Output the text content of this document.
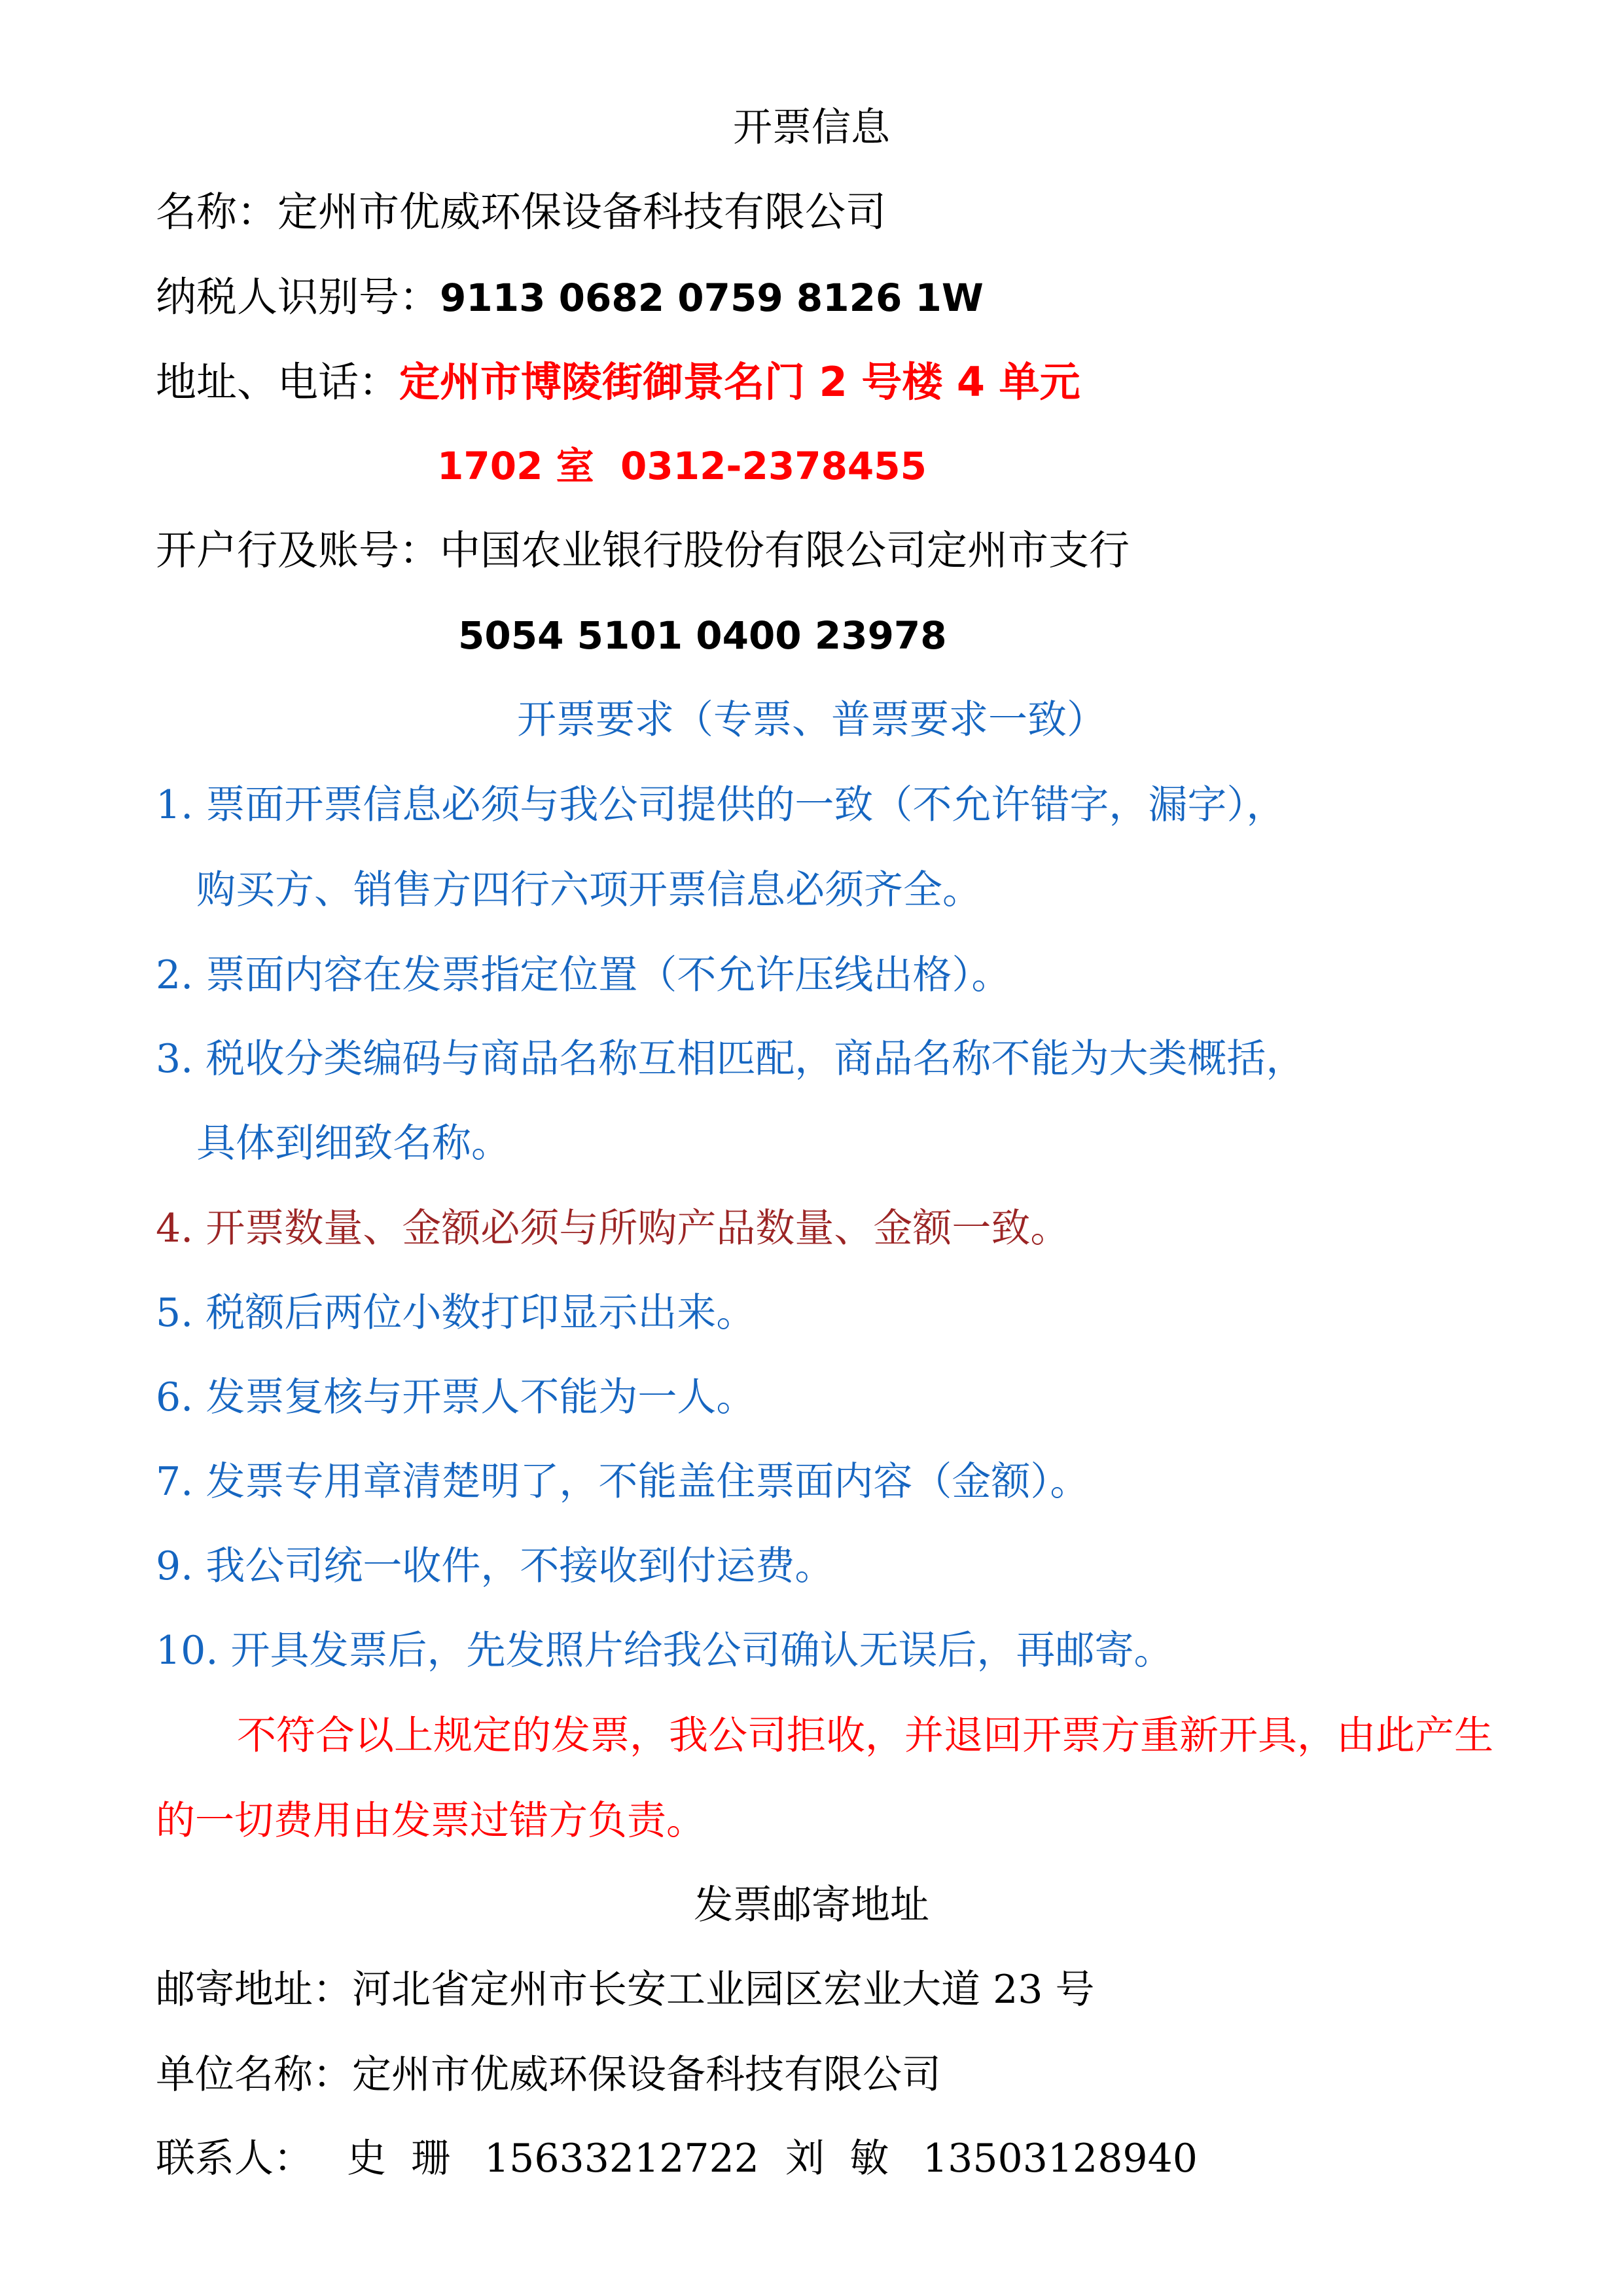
开票信息
名称：定州市优威环保设备科技有限公司
纳税人识别号：9113 0682 0759 8126 1W
地址、电话：定州市博陵街御景名门 2 号楼 4 单元
1702 室  0312-2378455
开户行及账号：中国农业银行股份有限公司定州市支行
5054 5101 0400 23978
开票要求（专票、普票要求一致）
1. 票面开票信息必须与我公司提供的一致（不允许错字，漏字），
购买方、销售方四行六项开票信息必须齐全。
2. 票面内容在发票指定位置（不允许压线出格）。
3. 税收分类编码与商品名称互相匹配，商品名称不能为大类概括，
具体到细致名称。
4. 开票数量、金额必须与所购产品数量、金额一致。
5. 税额后两位小数打印显示出来。
6. 发票复核与开票人不能为一人。
7. 发票专用章清楚明了，不能盖住票面内容（金额）。
9. 我公司统一收件，不接收到付运费。
10. 开具发票后，先发照片给我公司确认无误后，再邮寄。
不符合以上规定的发票，我公司拒收，并退回开票方重新开具，由此产生
的一切费用由发票过错方负责。
发票邮寄地址
邮寄地址：河北省定州市长安工业园区宏业大道 23 号
单位名称：定州市优威环保设备科技有限公司
联系人： 史  珊 15633212722 刘  敏 13503128940
